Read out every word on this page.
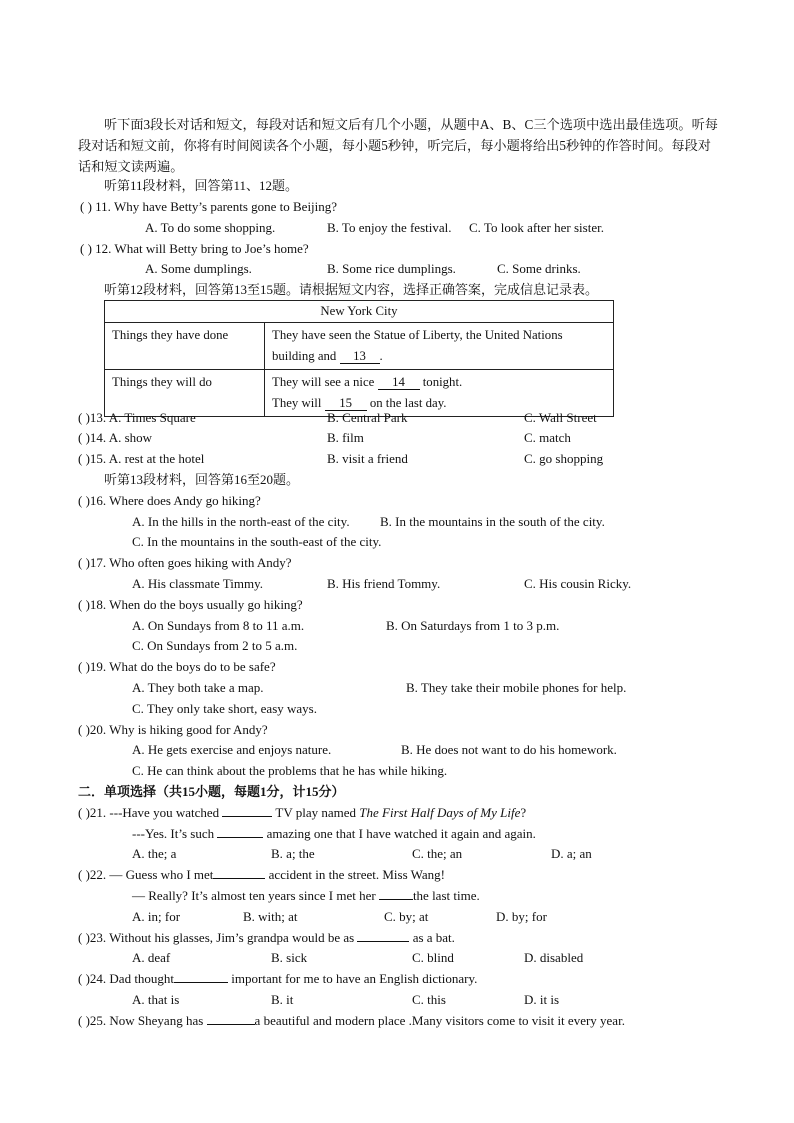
听下面3段长对话和短文，每段对话和短文后有几个小题，从题中A、B、C三个选项中选出最佳选项。听每段对话和短文前，你将有时间阅读各个小题，每小题5秒钟，听完后，每小题将给出5秒钟的作答时间。每段对话和短文读两遍。
听第11段材料，回答第11、12题。
( ) 11. Why have Betty’s parents gone to Beijing?
A. To do some shopping.	B. To enjoy the festival. C. To look after her sister.
( ) 12. What will Betty bring to Joe’s home?
A. Some dumplings.	B. Some rice dumplings.	C. Some drinks.
听第12段材料，回答第13至15题。请根据短文内容，选择正确答案，完成信息记录表。
New York City	
Things they have done	They have seen the Statue of Liberty, the United Nations
building and 13 .
Things they will do	They will see a nice 14 tonight.
They will 15 on the last day.
( )13. A. Times Square	B. Central Park	C. Wall Street
( )14. A. show	B. film	C. match
( )15. A. rest at the hotel	B. visit a friend	C. go shopping
听第13段材料，回答第16至20题。
( )16. Where does Andy go hiking?
A. In the hills in the north-east of the city. B. In the mountains in the south of the city.
C. In the mountains in the south-east of the city.
( )17. Who often goes hiking with Andy?
A. His classmate Timmy.	B. His friend Tommy.	C. His cousin Ricky.
( )18. When do the boys usually go hiking?
A. On Sundays from 8 to 11 a.m.	B. On Saturdays from 1 to 3 p.m.
C. On Sundays from 2 to 5 a.m.
( )19. What do the boys do to be safe?
A. They both take a map.	B. They take their mobile phones for help.
C. They only take short, easy ways.
( )20. Why is hiking good for Andy?
A. He gets exercise and enjoys nature.	B. He does not want to do his homework.
C. He can think about the problems that he has while hiking.
二．单项选择（共15小题，每题1分，计15分）
( )21. ---Have you watched	TV play named The First Half Days of My Life?
---Yes. It’s such	amazing one that I have watched it again and again.
A. the; a	B. a; the	C. the; an	D. a; an
( )22. — Guess who I met	accident in the street. Miss Wang!
— Really? It’s almost ten years since I met her	the last time.
A. in; for	B. with; at	C. by; at	D. by; for
( )23. Without his glasses, Jim’s grandpa would be as	as a bat.
A. deaf	B. sick	C. blind	D. disabled
( )24. Dad thought	important for me to have an English dictionary.
A. that is	B. it	C. this	D. it is
( )25. Now Sheyang has	a beautiful and modern place .Many visitors come to visit it every year.
